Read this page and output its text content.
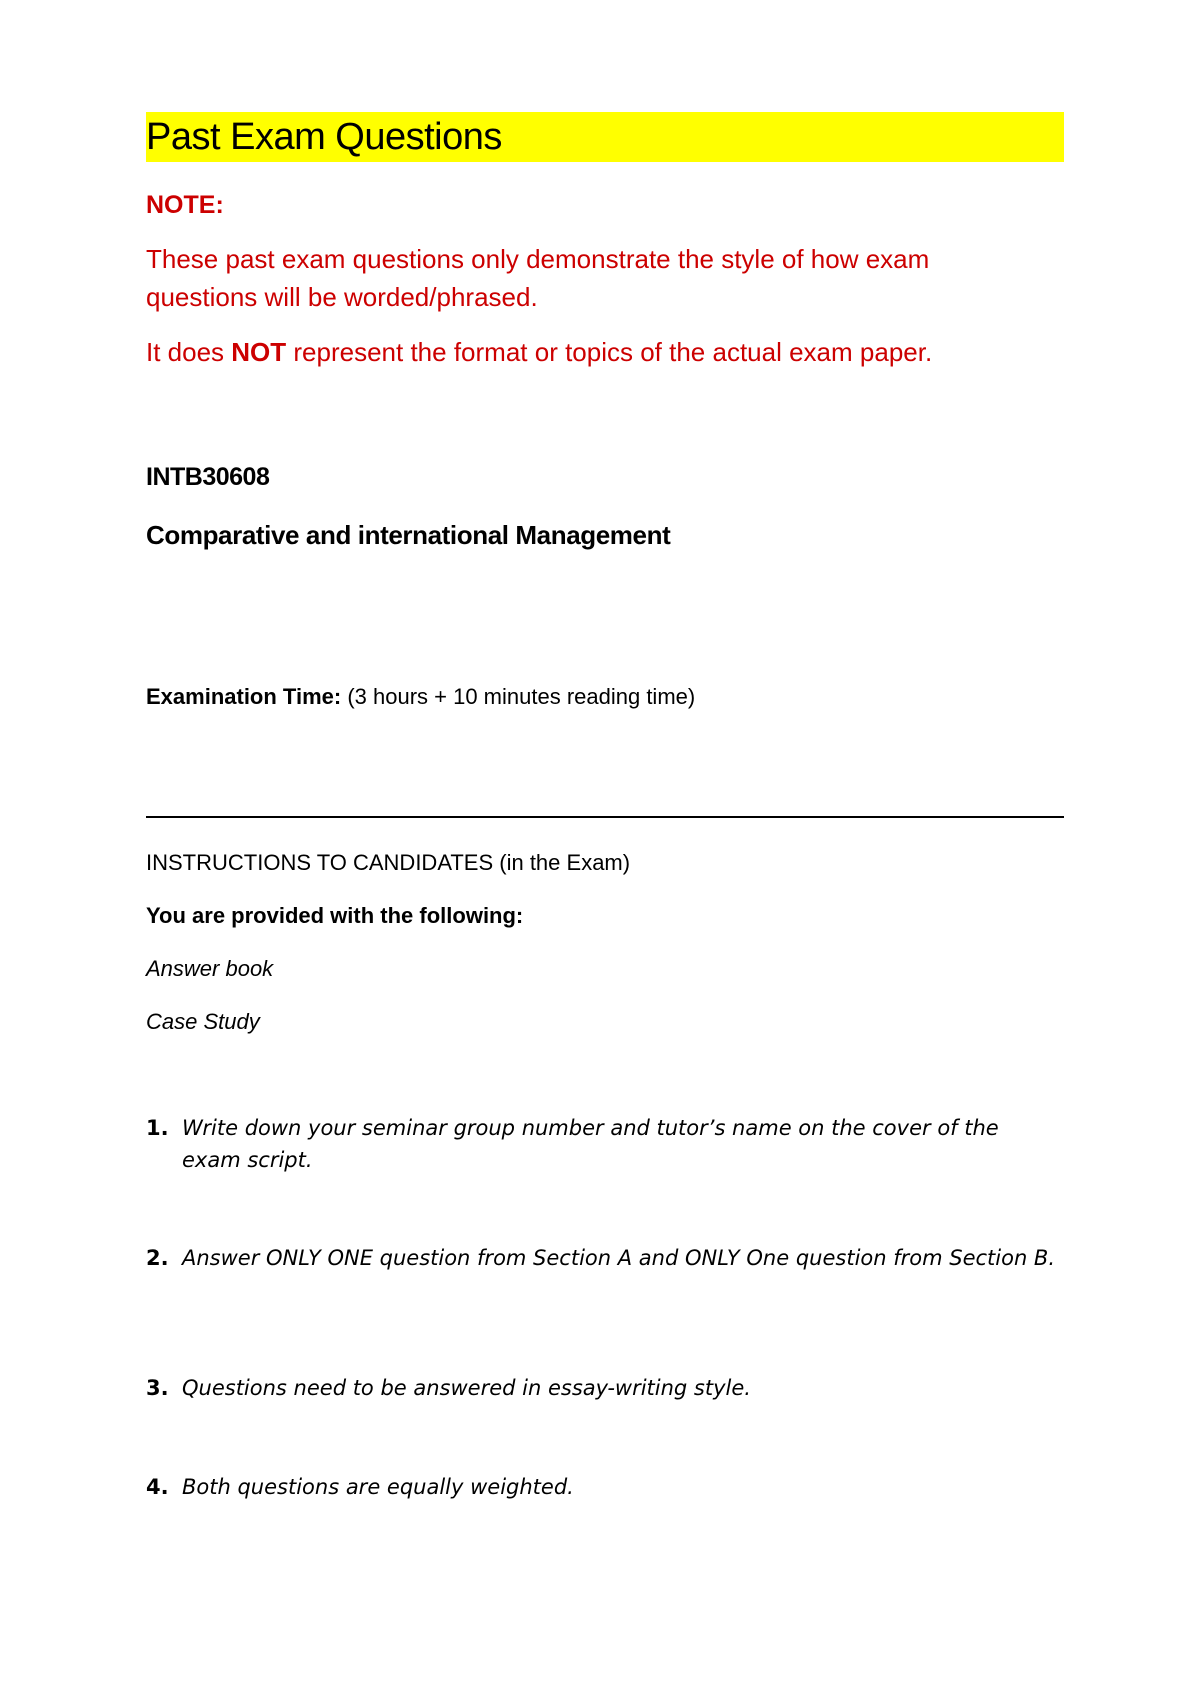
Past Exam Questions
NOTE:
These past exam questions only demonstrate the style of how exam
questions will be worded/phrased.
It does NOT represent the format or topics of the actual exam paper.
INTB30608
Comparative and international Management
Examination Time: (3 hours + 10 minutes reading time)
INSTRUCTIONS TO CANDIDATES (in the Exam)
You are provided with the following:
Answer book
Case Study
1. Write down your seminar group number and tutor’s name on the cover of the exam script.
2. Answer ONLY ONE question from Section A and ONLY One question from Section B.
3. Questions need to be answered in essay-writing style.
4. Both questions are equally weighted.
